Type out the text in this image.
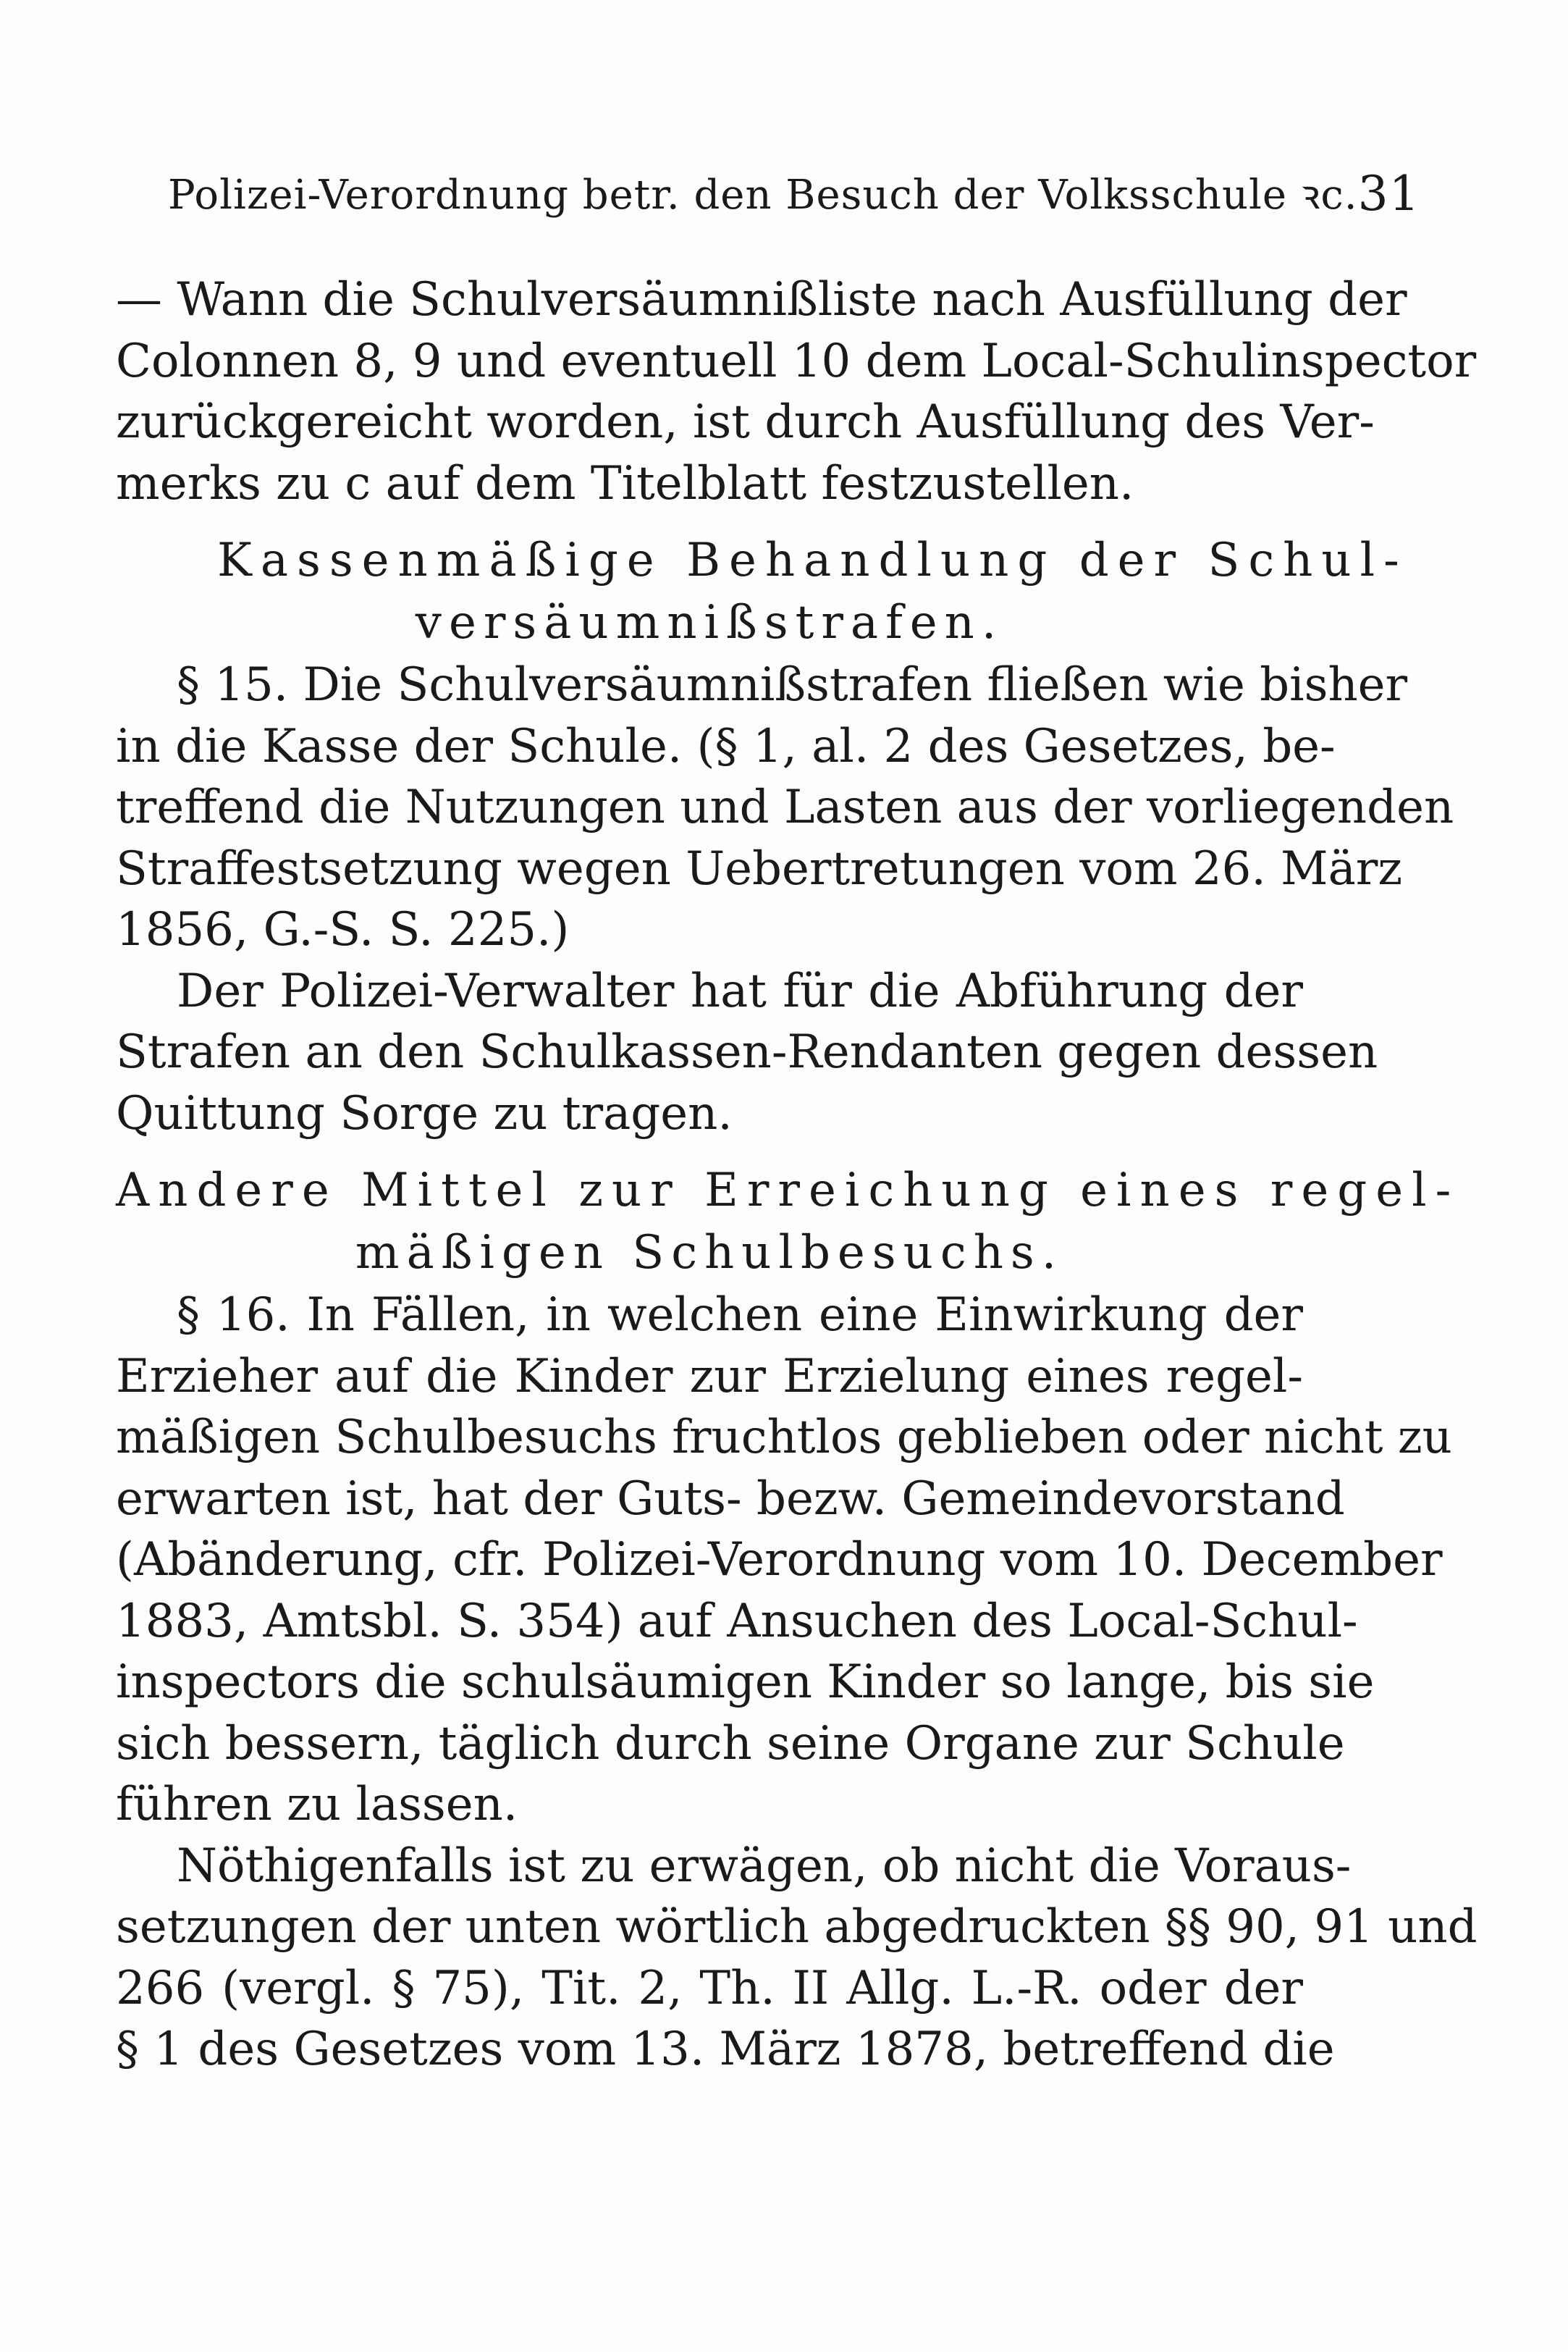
Polizei-Verordnung betr. den Besuch der Volksschule ꝛc. 31
— Wann die Schulversäumnißliste nach Ausfüllung der
Colonnen 8, 9 und eventuell 10 dem Local-Schulinspector
zurückgereicht worden, ist durch Ausfüllung des Ver-
merks zu c auf dem Titelblatt festzustellen.
Kassenmäßige Behandlung der Schul-
versäumnißstrafen.
§ 15. Die Schulversäumnißstrafen fließen wie bisher
in die Kasse der Schule. (§ 1, al. 2 des Gesetzes, be-
treffend die Nutzungen und Lasten aus der vorliegenden
Straffestsetzung wegen Uebertretungen vom 26. März
1856, G.-S. S. 225.)
Der Polizei-Verwalter hat für die Abführung der
Strafen an den Schulkassen-Rendanten gegen dessen
Quittung Sorge zu tragen.
Andere Mittel zur Erreichung eines regel-
mäßigen Schulbesuchs.
§ 16. In Fällen, in welchen eine Einwirkung der
Erzieher auf die Kinder zur Erzielung eines regel-
mäßigen Schulbesuchs fruchtlos geblieben oder nicht zu
erwarten ist, hat der Guts- bezw. Gemeindevorstand
(Abänderung, cfr. Polizei-Verordnung vom 10. December
1883, Amtsbl. S. 354) auf Ansuchen des Local-Schul-
inspectors die schulsäumigen Kinder so lange, bis sie
sich bessern, täglich durch seine Organe zur Schule
führen zu lassen.
Nöthigenfalls ist zu erwägen, ob nicht die Voraus-
setzungen der unten wörtlich abgedruckten §§ 90, 91 und
266 (vergl. § 75), Tit. 2, Th. II Allg. L.-R. oder der
§ 1 des Gesetzes vom 13. März 1878, betreffend die
